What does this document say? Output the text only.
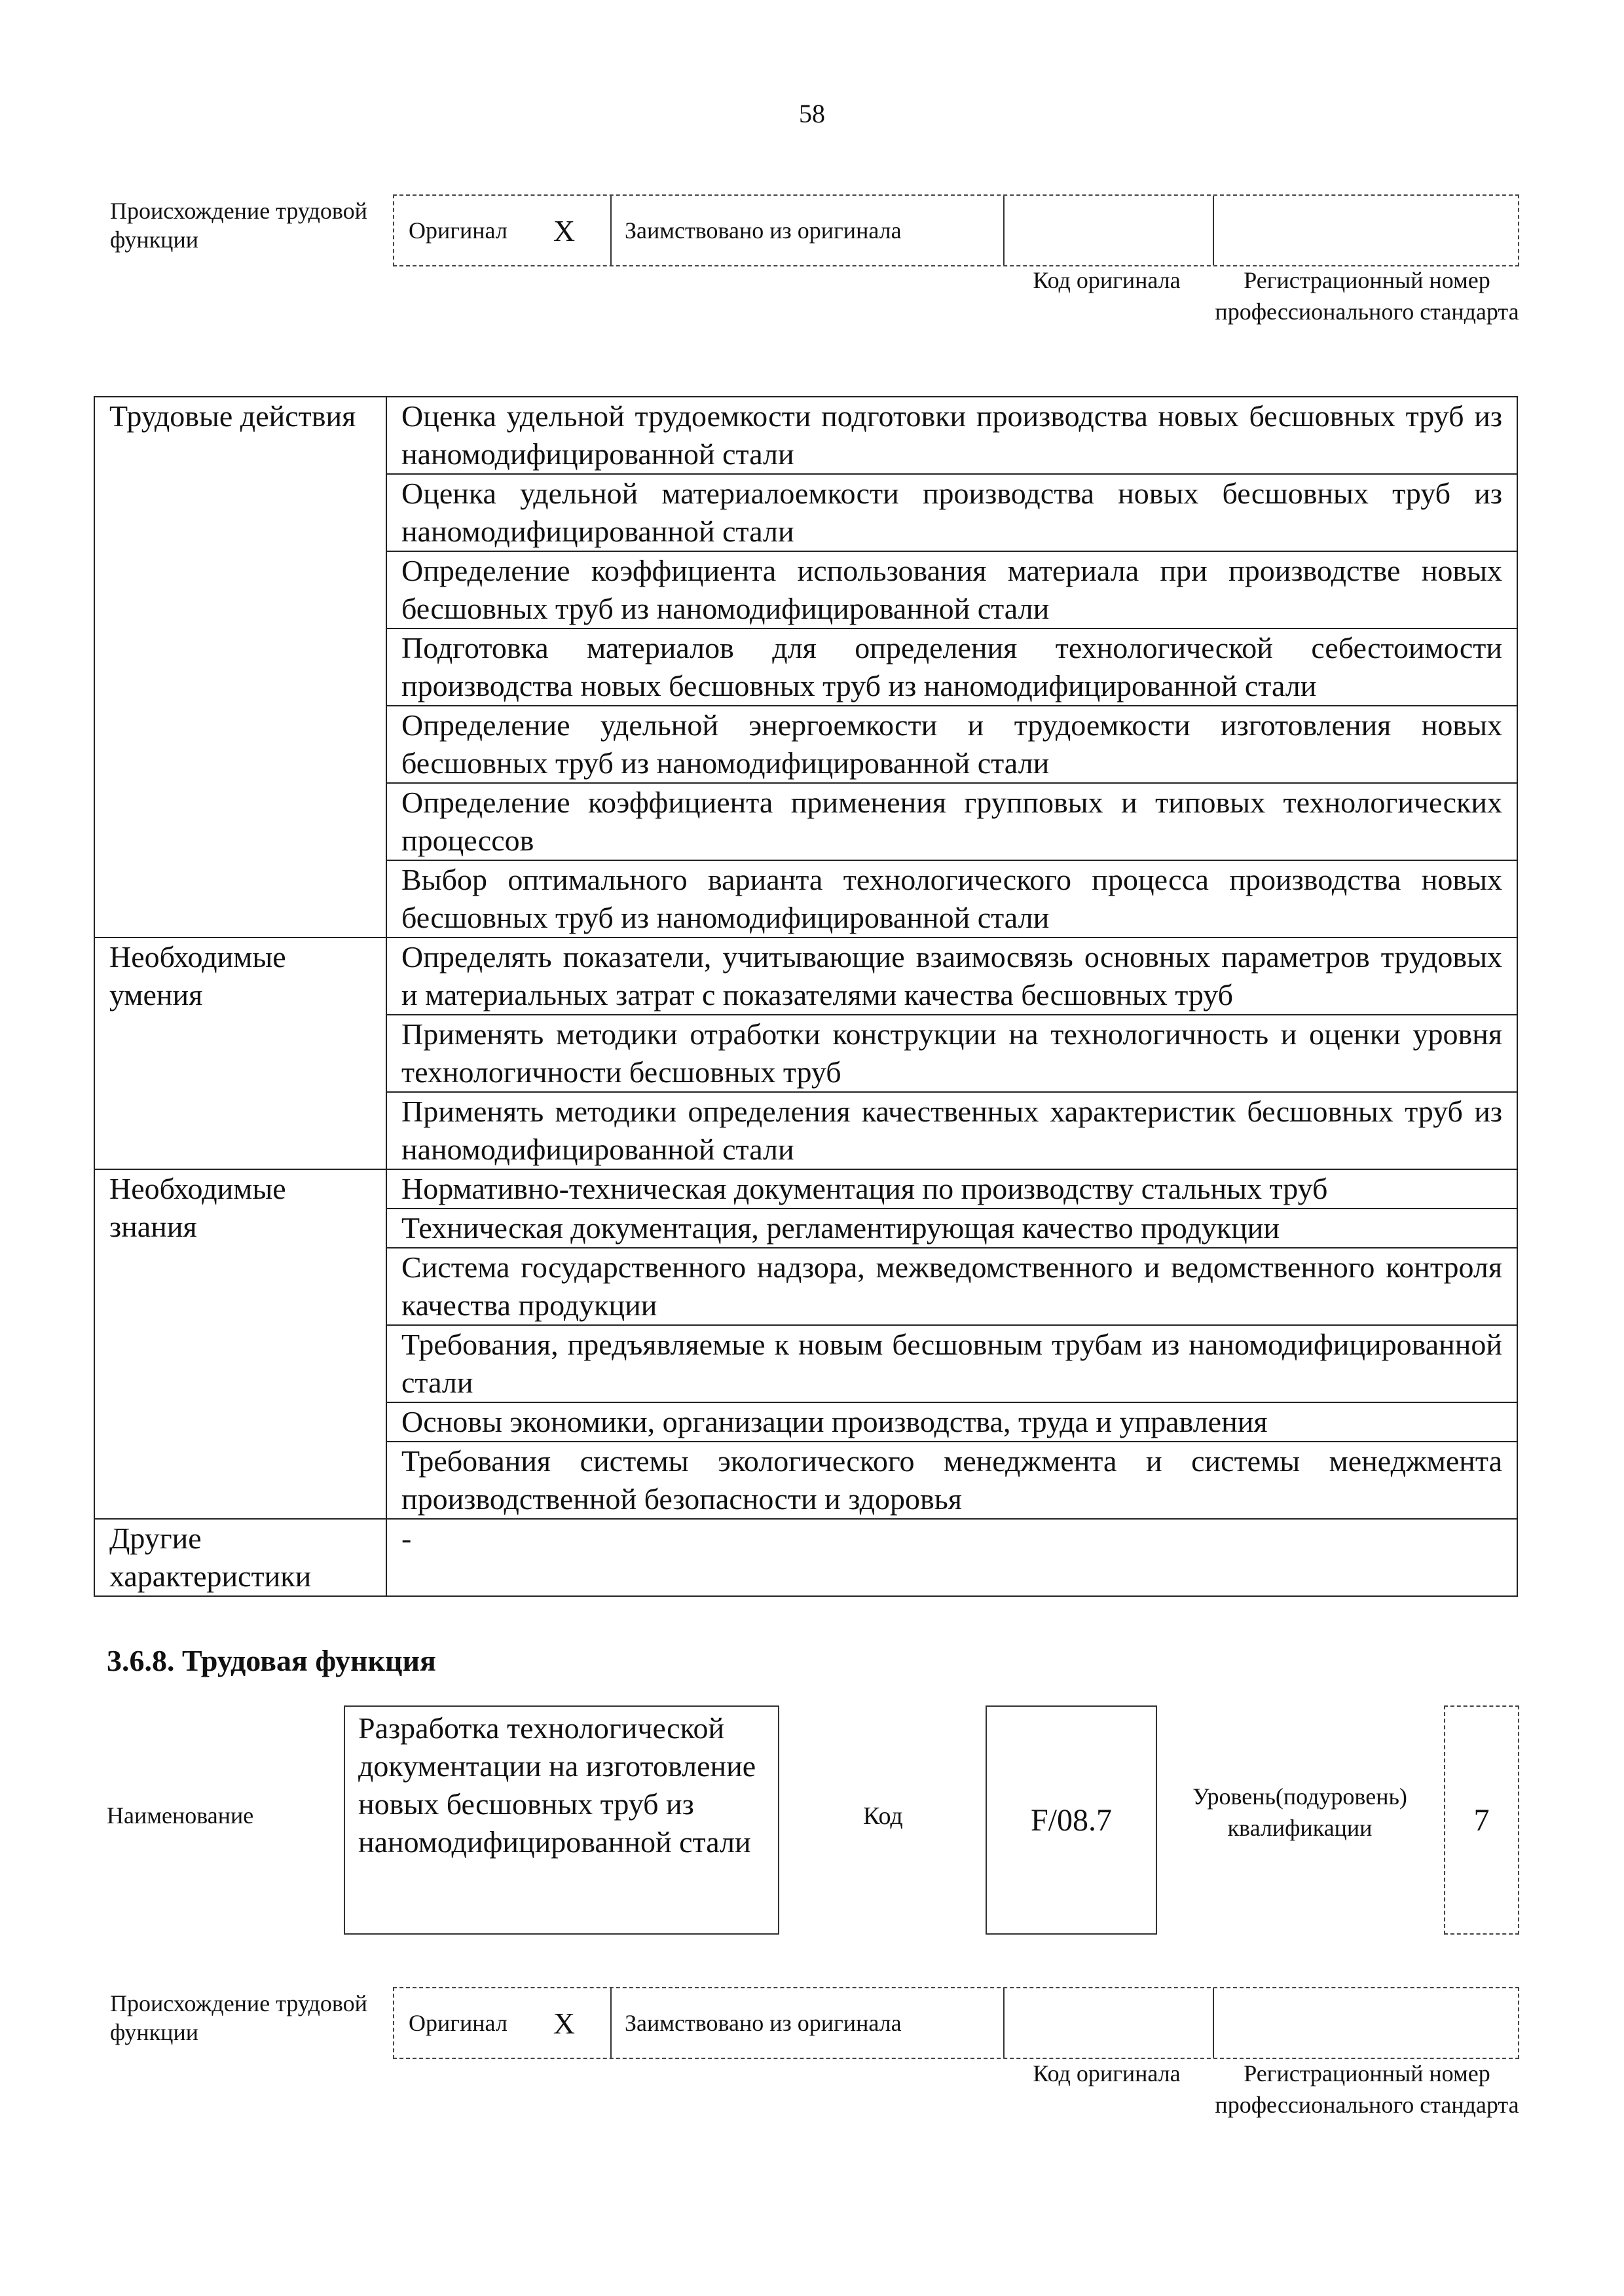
58
Происхождение трудовой функции	Оригинал X Заимствовано из оригинала
Код оригинала	Регистрационный номер профессионального стандарта
Трудовые действия	Оценка удельной трудоемкости подготовки производства новых бесшовных труб из наномодифицированной стали
	Оценка удельной материалоемкости производства новых бесшовных труб из наномодифицированной стали
	Определение коэффициента использования материала при производстве новых бесшовных труб из наномодифицированной стали
	Подготовка материалов для определения технологической себестоимости производства новых бесшовных труб из наномодифицированной стали
	Определение удельной энергоемкости и трудоемкости изготовления новых бесшовных труб из наномодифицированной стали
	Определение коэффициента применения групповых и типовых технологических процессов
	Выбор оптимального варианта технологического процесса производства новых бесшовных труб из наномодифицированной стали
Необходимые умения	Определять показатели, учитывающие взаимосвязь основных параметров трудовых и материальных затрат с показателями качества бесшовных труб
	Применять методики отработки конструкции на технологичность и оценки уровня технологичности бесшовных труб
	Применять методики определения качественных характеристик бесшовных труб из наномодифицированной стали
Необходимые знания	Нормативно-техническая документация по производству стальных труб
	Техническая документация, регламентирующая качество продукции
	Система государственного надзора, межведомственного и ведомственного контроля качества продукции
	Требования, предъявляемые к новым бесшовным трубам из наномодифицированной стали
	Основы экономики, организации производства, труда и управления
	Требования системы экологического менеджмента и системы менеджмента производственной безопасности и здоровья
Другие характеристики	-
3.6.8. Трудовая функция
Наименование
Разработка технологической документации на изготовление новых бесшовных труб из наномодифицированной стали
Код	F/08.7
Уровень(подуровень) квалификации	7
Происхождение трудовой функции	Оригинал X Заимствовано из оригинала
Код оригинала	Регистрационный номер профессионального стандарта
